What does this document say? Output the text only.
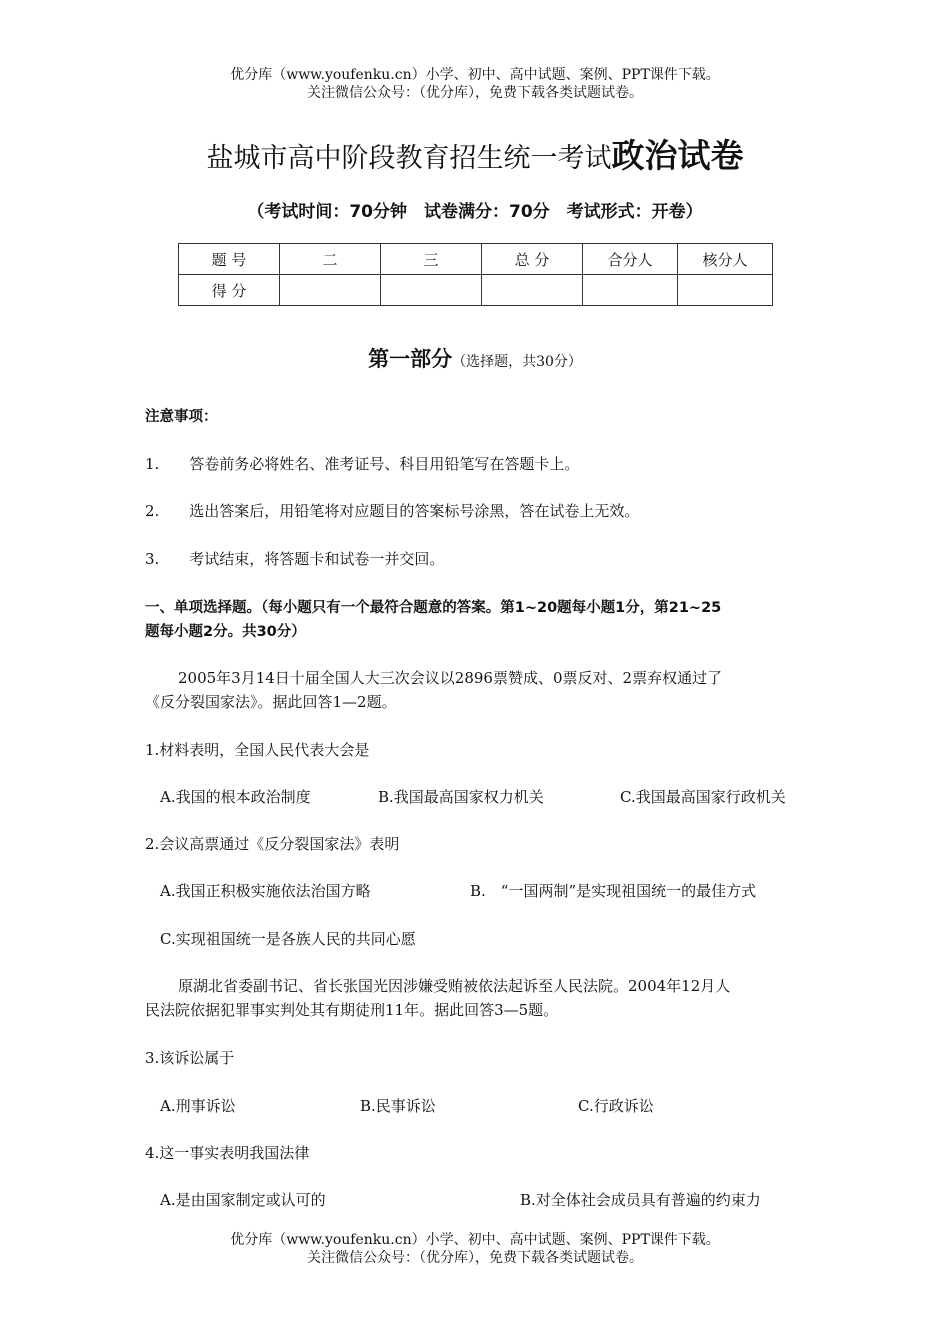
优分库（www.youfenku.cn）小学、初中、高中试题、案例、PPT课件下载。
关注微信公众号：（优分库），免费下载各类试题试卷。
盐城市高中阶段教育招生统一考试政治试卷
（考试时间：70分钟　试卷满分：70分　考试形式：开卷）
题 号	二	三	总 分	合分人	核分人
得 分					
第一部分（选择题，共30分）
注意事项：
1.　　答卷前务必将姓名、准考证号、科目用铅笔写在答题卡上。
2.　　选出答案后，用铅笔将对应题目的答案标号涂黑，答在试卷上无效。
3.　　考试结束，将答题卡和试卷一并交回。
一、单项选择题。（每小题只有一个最符合题意的答案。第1~20题每小题1分，第21~25
题每小题2分。共30分）
2005年3月14日十届全国人大三次会议以2896票赞成、0票反对、2票弃权通过了
《反分裂国家法》。据此回答1—2题。
1.材料表明，全国人民代表大会是
A.我国的根本政治制度	B.我国最高国家权力机关	C.我国最高国家行政机关
2.会议高票通过《反分裂国家法》表明
A.我国正积极实施依法治国方略	B.　“一国两制”是实现祖国统一的最佳方式
C.实现祖国统一是各族人民的共同心愿
原湖北省委副书记、省长张国光因涉嫌受贿被依法起诉至人民法院。2004年12月人
民法院依据犯罪事实判处其有期徒刑11年。据此回答3—5题。
3.该诉讼属于
A.刑事诉讼	B.民事诉讼	C.行政诉讼
4.这一事实表明我国法律
A.是由国家制定或认可的	B.对全体社会成员具有普遍的约束力
优分库（www.youfenku.cn）小学、初中、高中试题、案例、PPT课件下载。
关注微信公众号：（优分库），免费下载各类试题试卷。
